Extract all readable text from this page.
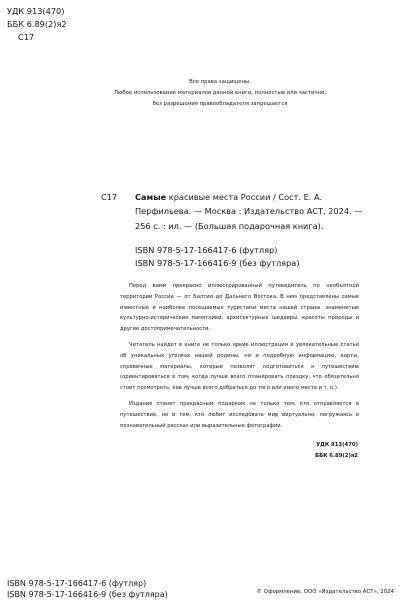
УДК 913(470)
ББК 6.89(2)я2
С17
Все права защищены.
Любое использование материалов данной книги, полностью или частично,
без разрешения правообладателя запрещается
С17 Самые красивые места России / Сост. Е. А. Перфильева. — Москва : Издательство АСТ, 2024. — 256 с. : ил. — (Большая подарочная книга).
ISBN 978-5-17-166417-6 (футляр)
ISBN 978-5-17-166416-9 (без футляра)

Перед вами прекрасно иллюстрированный путеводитель по необъятной территории России — от Балтии до Дальнего Востока. В нем представлены самые известные и наиболее посещаемые туристами места нашей страны, знаменитые культурно-исторические памятники, архитектурные шедевры, красоты природы и другие достопримечательности.

Читатель найдет в книге не только яркие иллюстрации и увлекательные статьи об уникальных уголках нашей родины, но и подробную информацию, карты, справочные материалы, которые позволят подготовиться к путешествию (ориентироваться в том, когда лучше всего планировать поездку, что обязательно стоит посмотреть, как лучше всего добраться до того или иного места и т. п.).

Издание станет прекрасным подарком не только тем, кто отправляется в путешествие, но и тем, кто любит исследовать мир виртуально, погружаясь в познавательный рассказ или выразительные фотографии.

УДК 913(470)
ББК 6.89(2)я2
ISBN 978-5-17-166417-6 (футляр)
ISBN 978-5-17-166416-9 (без футляра)	© Оформление. ООО «Издательство АСТ», 2024
